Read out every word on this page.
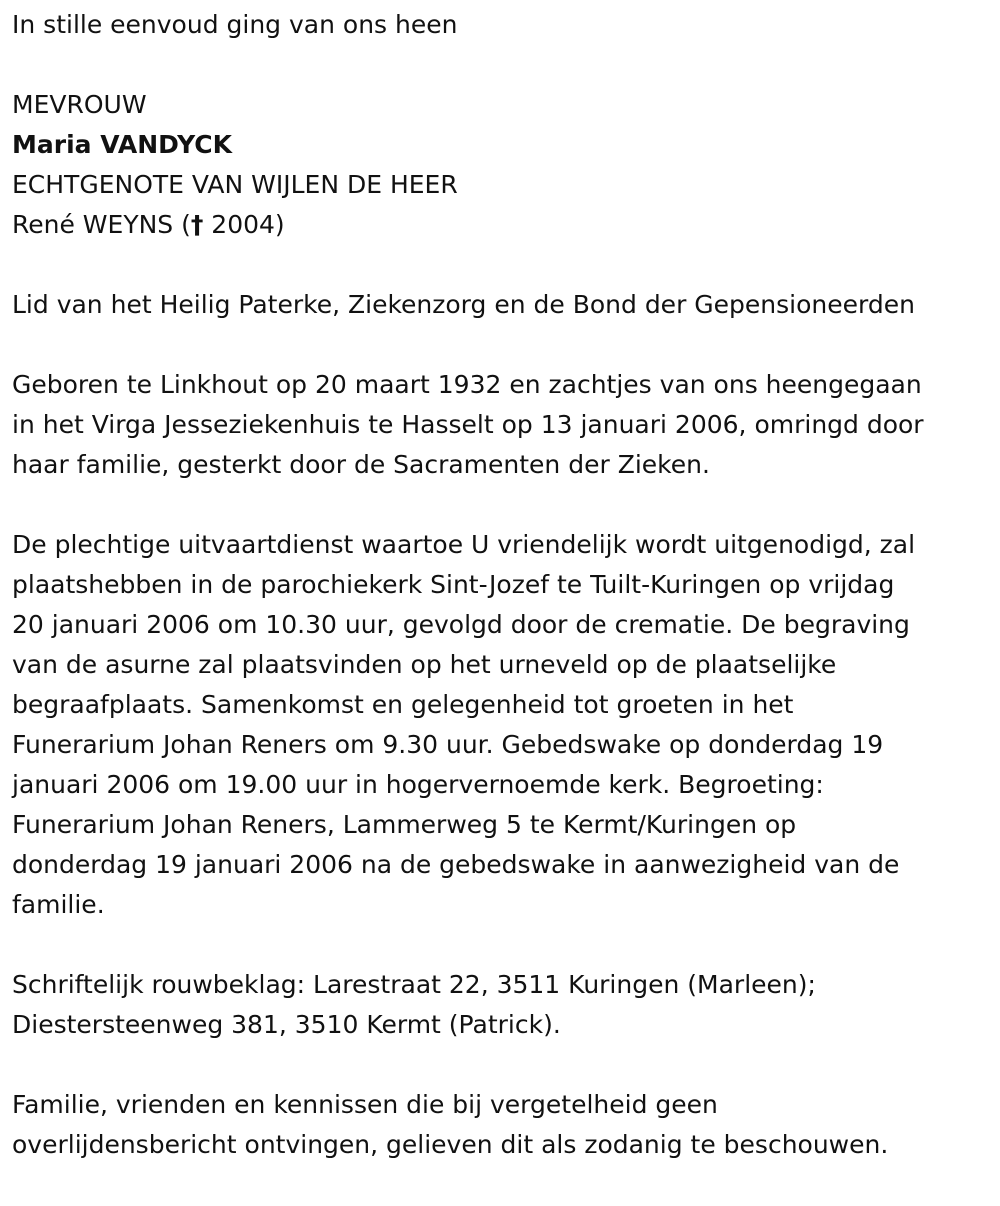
In stille eenvoud ging van ons heen
MEVROUW
Maria VANDYCK
ECHTGENOTE VAN WIJLEN DE HEER
René WEYNS († 2004)
Lid van het Heilig Paterke, Ziekenzorg en de Bond der Gepensioneerden
Geboren te Linkhout op 20 maart 1932 en zachtjes van ons heengegaan
in het Virga Jesseziekenhuis te Hasselt op 13 januari 2006, omringd door
haar familie, gesterkt door de Sacramenten der Zieken.
De plechtige uitvaartdienst waartoe U vriendelijk wordt uitgenodigd, zal
plaatshebben in de parochiekerk Sint-Jozef te Tuilt-Kuringen op vrijdag
20 januari 2006 om 10.30 uur, gevolgd door de crematie. De begraving
van de asurne zal plaatsvinden op het urneveld op de plaatselijke
begraafplaats. Samenkomst en gelegenheid tot groeten in het
Funerarium Johan Reners om 9.30 uur. Gebedswake op donderdag 19
januari 2006 om 19.00 uur in hogervernoemde kerk. Begroeting:
Funerarium Johan Reners, Lammerweg 5 te Kermt/Kuringen op
donderdag 19 januari 2006 na de gebedswake in aanwezigheid van de
familie.
Schriftelijk rouwbeklag: Larestraat 22, 3511 Kuringen (Marleen);
Diestersteenweg 381, 3510 Kermt (Patrick).
Familie, vrienden en kennissen die bij vergetelheid geen
overlijdensbericht ontvingen, gelieven dit als zodanig te beschouwen.
